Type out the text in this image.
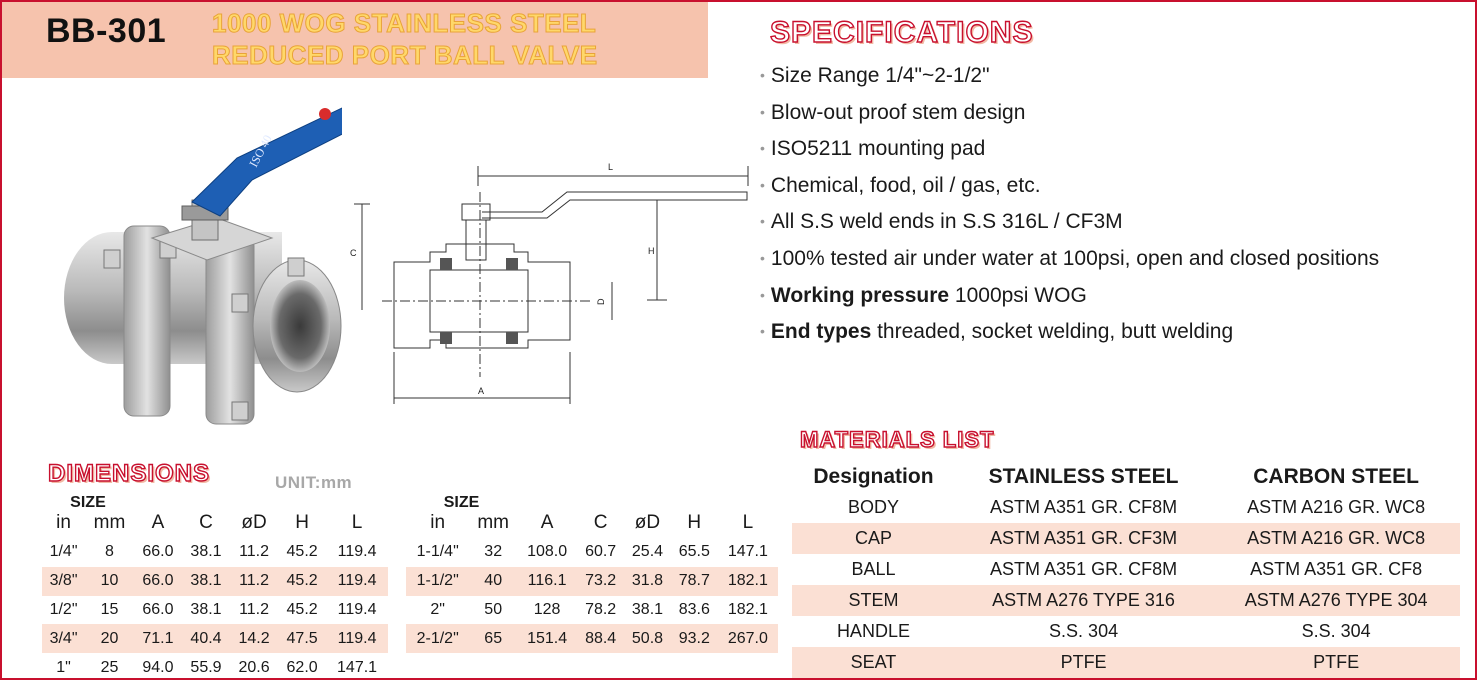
BB-301 1000 WOG STAINLESS STEEL
REDUCED PORT BALL VALVE
SPECIFICATIONS
• Size Range 1/4"~2-1/2"
• Blow-out proof stem design
• ISO5211 mounting pad
• Chemical, food, oil / gas, etc.
• All S.S weld ends in S.S 316L / CF3M
• 100% tested air under water at 100psi, open and closed positions
• Working pressure 1000psi WOG
• End types threaded, socket welding, butt welding
ISO 40	L
H
C
D
A
DIMENSIONS	UNIT:mm
SIZE						
in	mm	A	C	øD	H	L
1/4"	8	66.0	38.1	11.2	45.2	119.4
3/8"	10	66.0	38.1	11.2	45.2	119.4
1/2"	15	66.0	38.1	11.2	45.2	119.4
3/4"	20	71.1	40.4	14.2	47.5	119.4
1"	25	94.0	55.9	20.6	62.0	147.1
SIZE						
in	mm	A	C	øD	H	L
1-1/4"	32	108.0	60.7	25.4	65.5	147.1
1-1/2"	40	116.1	73.2	31.8	78.7	182.1
2"	50	128	78.2	38.1	83.6	182.1
2-1/2"	65	151.4	88.4	50.8	93.2	267.0
MATERIALS LIST
Designation	STAINLESS STEEL	CARBON STEEL
BODY	ASTM A351 GR. CF8M	ASTM A216 GR. WC8
CAP	ASTM A351 GR. CF3M	ASTM A216 GR. WC8
BALL	ASTM A351 GR. CF8M	ASTM A351 GR. CF8
STEM	ASTM A276 TYPE 316	ASTM A276 TYPE 304
HANDLE	S.S. 304	S.S. 304
SEAT	PTFE	PTFE
